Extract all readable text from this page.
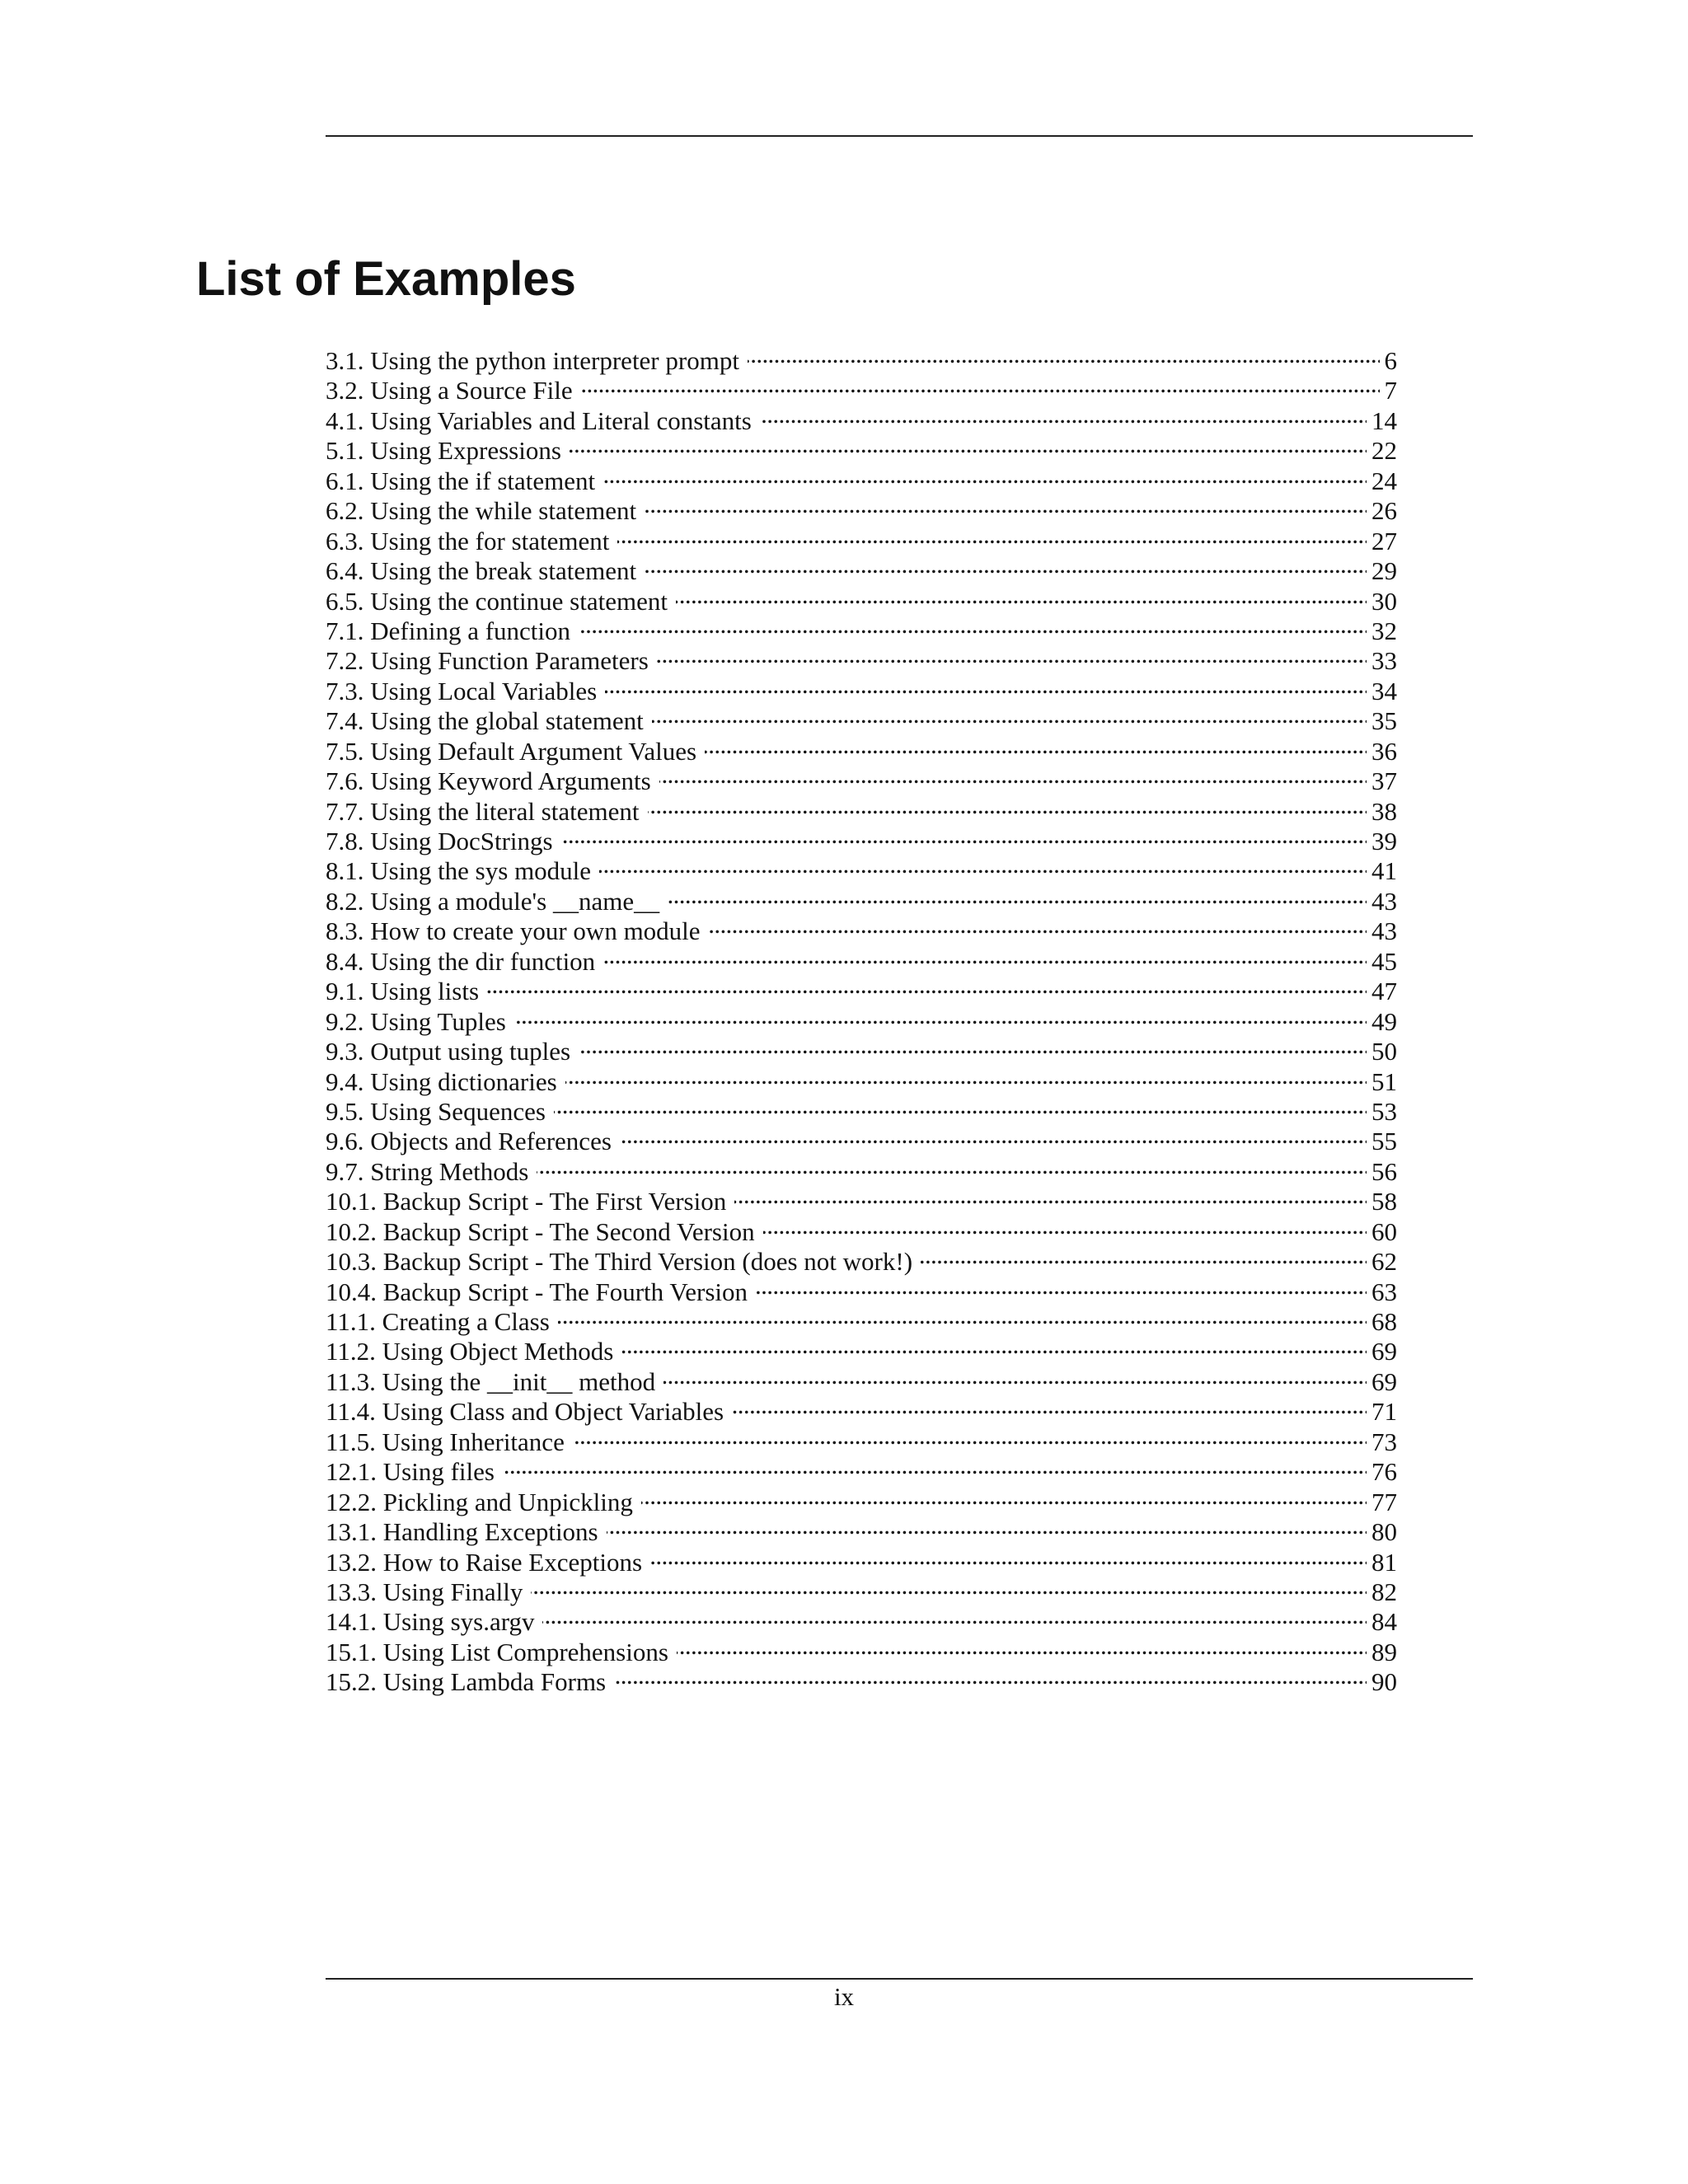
List of Examples
3.1. Using the python interpreter prompt . . .	6
3.2. Using a Source File . . .	7
4.1. Using Variables and Literal constants . . .	14
5.1. Using Expressions . . .	22
6.1. Using the if statement . . .	24
6.2. Using the while statement . . .	26
6.3. Using the for statement . . .	27
6.4. Using the break statement . . .	29
6.5. Using the continue statement . . .	30
7.1. Defining a function . . .	32
7.2. Using Function Parameters . . .	33
7.3. Using Local Variables . . .	34
7.4. Using the global statement . . .	35
7.5. Using Default Argument Values . . .	36
7.6. Using Keyword Arguments . . .	37
7.7. Using the literal statement . . .	38
7.8. Using DocStrings . . .	39
8.1. Using the sys module . . .	41
8.2. Using a module's __name__ . . .	43
8.3. How to create your own module . . .	43
8.4. Using the dir function . . .	45
9.1. Using lists . . .	47
9.2. Using Tuples . . .	49
9.3. Output using tuples . . .	50
9.4. Using dictionaries . . .	51
9.5. Using Sequences . . .	53
9.6. Objects and References . . .	55
9.7. String Methods . . .	56
10.1. Backup Script - The First Version . . .	58
10.2. Backup Script - The Second Version . . .	60
10.3. Backup Script - The Third Version (does not work!) . . .	62
10.4. Backup Script - The Fourth Version . . .	63
11.1. Creating a Class . . .	68
11.2. Using Object Methods . . .	69
11.3. Using the __init__ method . . .	69
11.4. Using Class and Object Variables . . .	71
11.5. Using Inheritance . . .	73
12.1. Using files . . .	76
12.2. Pickling and Unpickling . . .	77
13.1. Handling Exceptions . . .	80
13.2. How to Raise Exceptions . . .	81
13.3. Using Finally . . .	82
14.1. Using sys.argv . . .	84
15.1. Using List Comprehensions . . .	89
15.2. Using Lambda Forms . . .	90
ix
